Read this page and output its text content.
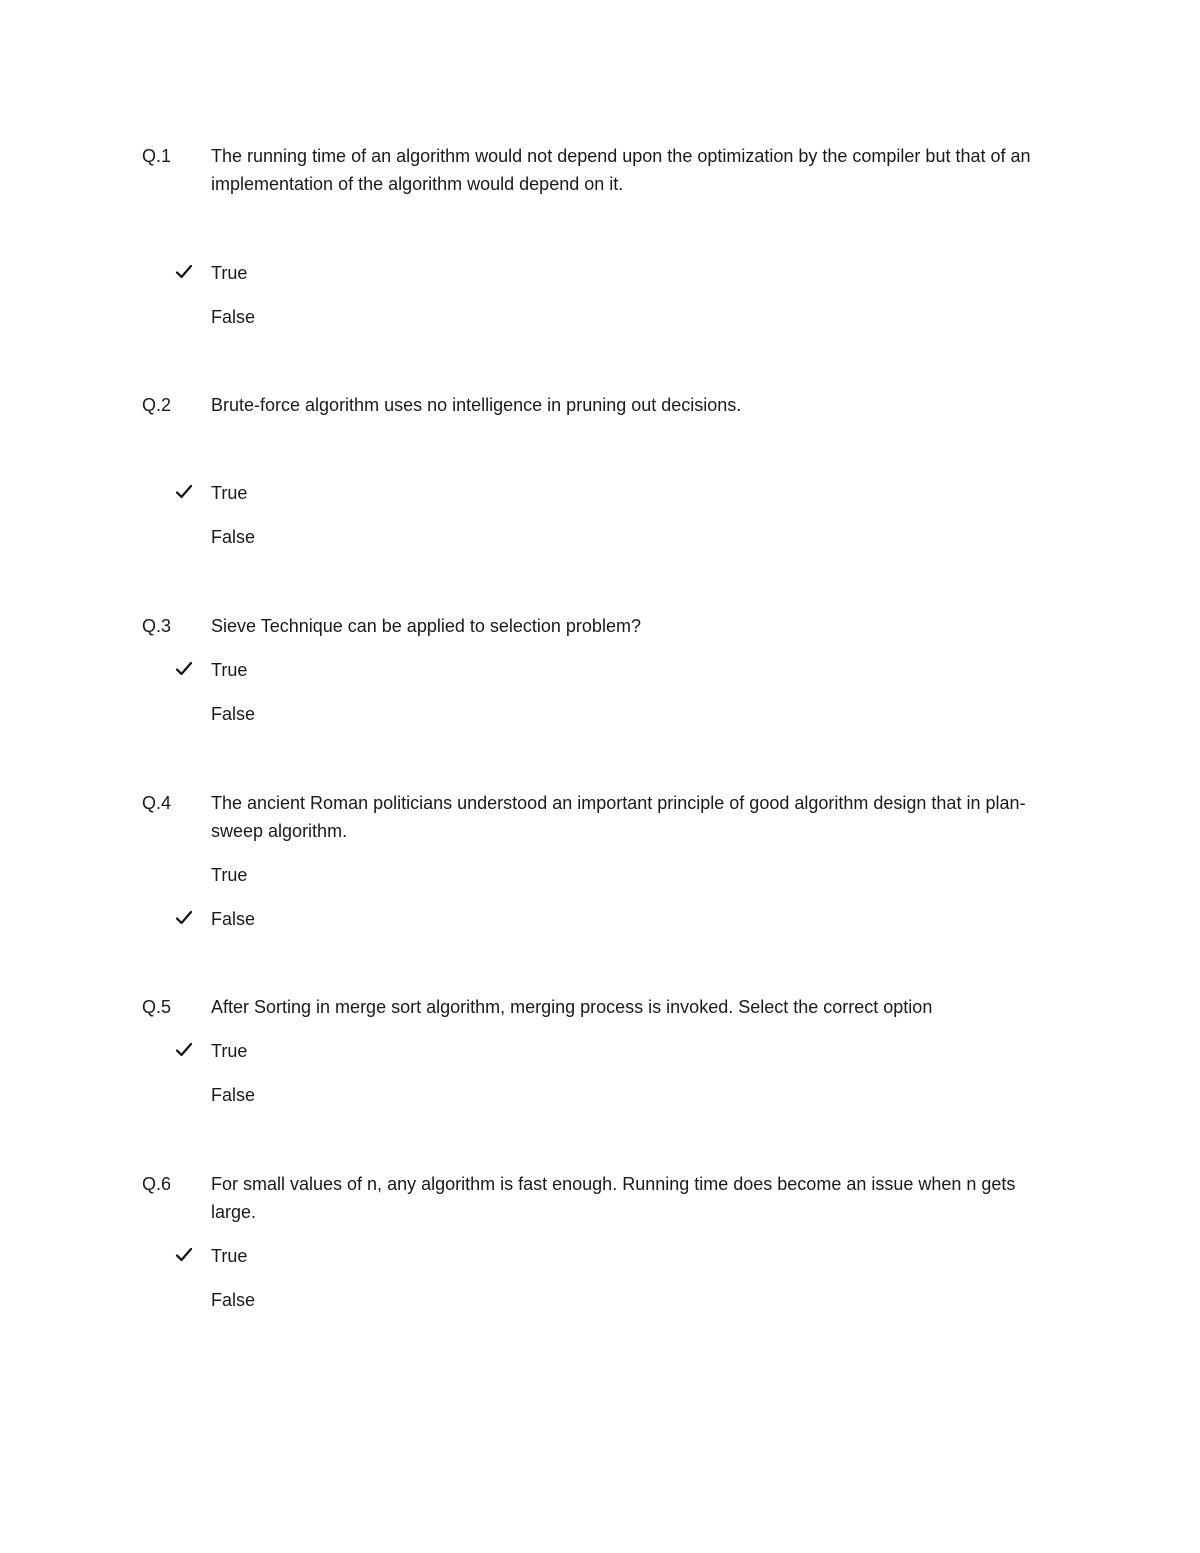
Q.1 The running time of an algorithm would not depend upon the optimization by the compiler but that of an implementation of the algorithm would depend on it.
True
False
Q.2 Brute-force algorithm uses no intelligence in pruning out decisions.
True
False
Q.3 Sieve Technique can be applied to selection problem?
True
False
Q.4 The ancient Roman politicians understood an important principle of good algorithm design that in plan-sweep algorithm.
True
False
Q.5 After Sorting in merge sort algorithm, merging process is invoked. Select the correct option
True
False
Q.6 For small values of n, any algorithm is fast enough. Running time does become an issue when n gets large.
True
False
